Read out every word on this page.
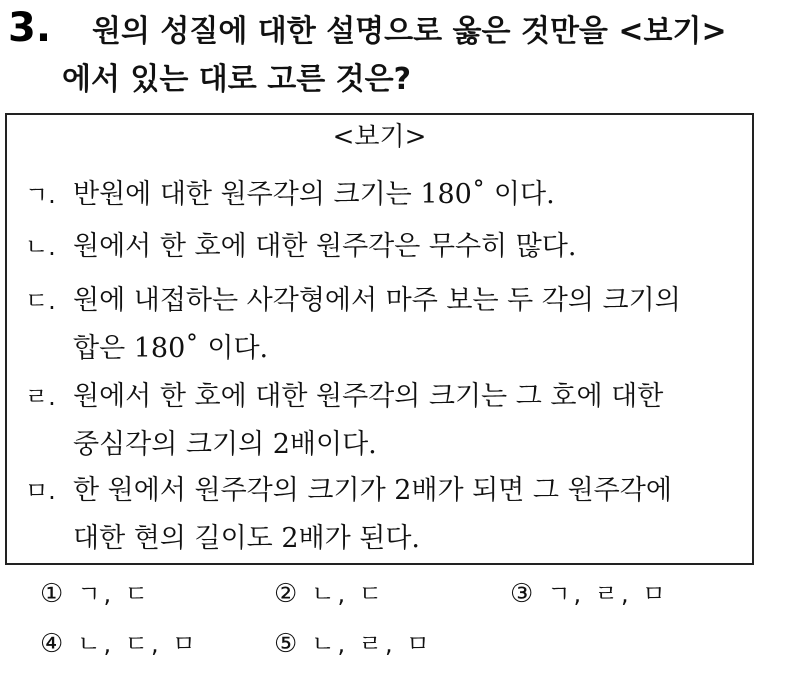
3. 원의 성질에 대한 설명으로 옳은 것만을 <보기>
에서 있는 대로 고른 것은?
<보기>
ㄱ. 반원에 대한 원주각의 크기는 180˚ 이다.
ㄴ. 원에서 한 호에 대한 원주각은 무수히 많다.
ㄷ. 원에 내접하는 사각형에서 마주 보는 두 각의 크기의
합은 180˚ 이다.
ㄹ. 원에서 한 호에 대한 원주각의 크기는 그 호에 대한
중심각의 크기의 2배이다.
ㅁ. 한 원에서 원주각의 크기가 2배가 되면 그 원주각에
대한 현의 길이도 2배가 된다.
① ㄱ, ㄷ	② ㄴ, ㄷ	③ ㄱ, ㄹ, ㅁ
④ ㄴ, ㄷ, ㅁ	⑤ ㄴ, ㄹ, ㅁ
